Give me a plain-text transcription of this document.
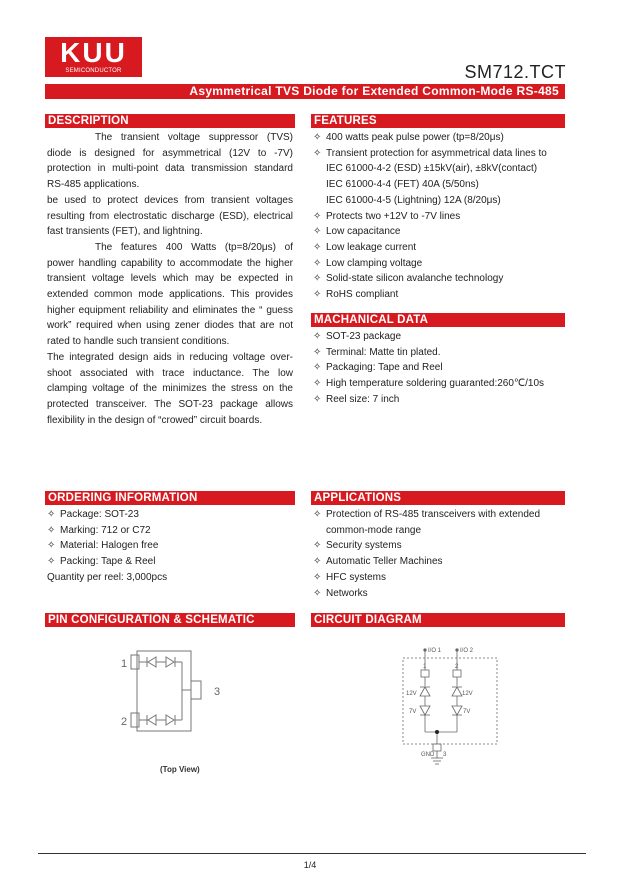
KUU
SEMICONDUCTOR	SM712.TCT
Asymmetrical TVS Diode for Extended Common-Mode RS-485
DESCRIPTION

The transient voltage suppressor (TVS) diode is designed for asymmetrical (12V to -7V) protection in multi-point data transmission standard RS-485 applications.

be used to protect devices from transient voltages resulting from electrostatic discharge (ESD), electrical fast transients (FET), and lightning.

The features 400 Watts (tp=8/20μs) of power handling capability to accommodate the higher transient voltage levels which may be expected in extended common mode applications. This provides higher equipment reliability and eliminates the “ guess work” required when using zener diodes that are not rated to handle such transient conditions.

The integrated design aids in reducing voltage over-shoot associated with trace inductance. The low clamping voltage of the minimizes the stress on the protected transceiver. The SOT-23 package allows flexibility in the design of “crowed” circuit boards.

FEATURES
✧ 400 watts peak pulse power (tp=8/20μs)
✧ Transient protection for asymmetrical data lines to
IEC 61000-4-2 (ESD) ±15kV(air), ±8kV(contact)
IEC 61000-4-4 (FET) 40A (5/50ns)
IEC 61000-4-5 (Lightning) 12A (8/20μs)
✧ Protects two +12V to -7V lines
✧ Low capacitance
✧ Low leakage current
✧ Low clamping voltage
✧ Solid-state silicon avalanche technology
✧ RoHS compliant
MACHANICAL DATA
✧ SOT-23 package
✧ Terminal: Matte tin plated.
✧ Packaging: Tape and Reel
✧ High temperature soldering guaranted:260℃/10s
✧ Reel size: 7 inch
ORDERING INFORMATION
✧ Package: SOT-23
✧ Marking: 712 or C72
✧ Material: Halogen free
✧ Packing: Tape & Reel
Quantity per reel: 3,000pcs
APPLICATIONS
✧ Protection of RS-485 transceivers with extended common-mode range
✧ Security systems
✧ Automatic Teller Machines
✧ HFC systems
✧ Networks
PIN CONFIGURATION & SCHEMATIC
1
2
3
(Top View)
CIRCUIT DIAGRAM
I/O 1	I/O 2
1	2
12V	12V
7V	7V
GND 3
1/4
